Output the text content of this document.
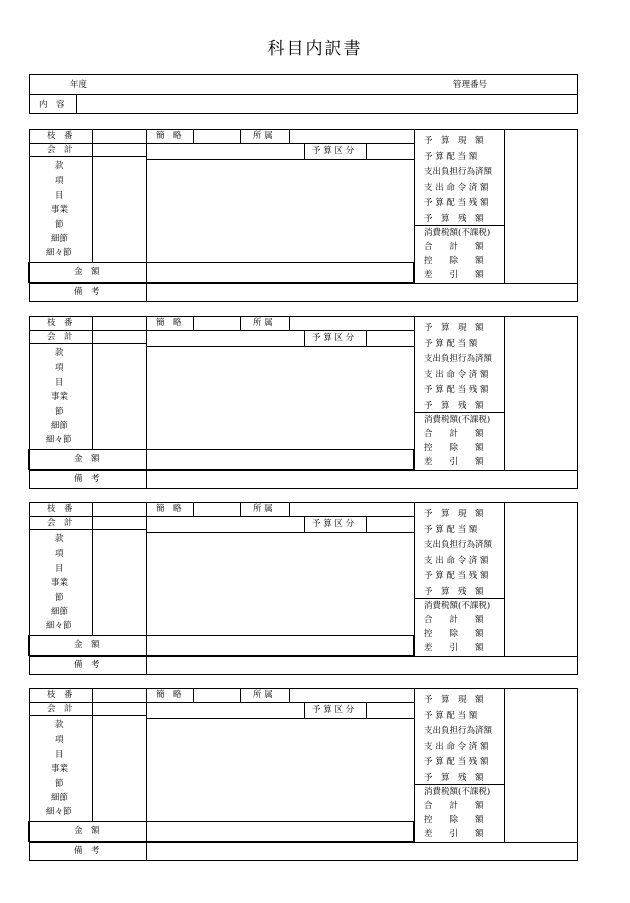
科目内訳書
年度	管理番号
内　容
枝　番
会　計
簡　略	所 属
予 算 区 分
款
項
目
事業
節
細節
細々節
金　額
備　考
予　算　現　額
予 算 配 当 額
支出負担行為済額
支 出 命 令 済 額
予 算 配 当 残 額
予　算　残　額
消費税額(不課税)
合　　計　　額
控　　除　　額
差　　引　　額
枝　番
会　計
簡　略	所 属
予 算 区 分
款
項
目
事業
節
細節
細々節
金　額
備　考
予　算　現　額
予 算 配 当 額
支出負担行為済額
支 出 命 令 済 額
予 算 配 当 残 額
予　算　残　額
消費税額(不課税)
合　　計　　額
控　　除　　額
差　　引　　額
枝　番
会　計
簡　略	所 属
予 算 区 分
款
項
目
事業
節
細節
細々節
金　額
備　考
予　算　現　額
予 算 配 当 額
支出負担行為済額
支 出 命 令 済 額
予 算 配 当 残 額
予　算　残　額
消費税額(不課税)
合　　計　　額
控　　除　　額
差　　引　　額
枝　番
会　計
簡　略	所 属
予 算 区 分
款
項
目
事業
節
細節
細々節
金　額
備　考
予　算　現　額
予 算 配 当 額
支出負担行為済額
支 出 命 令 済 額
予 算 配 当 残 額
予　算　残　額
消費税額(不課税)
合　　計　　額
控　　除　　額
差　　引　　額
